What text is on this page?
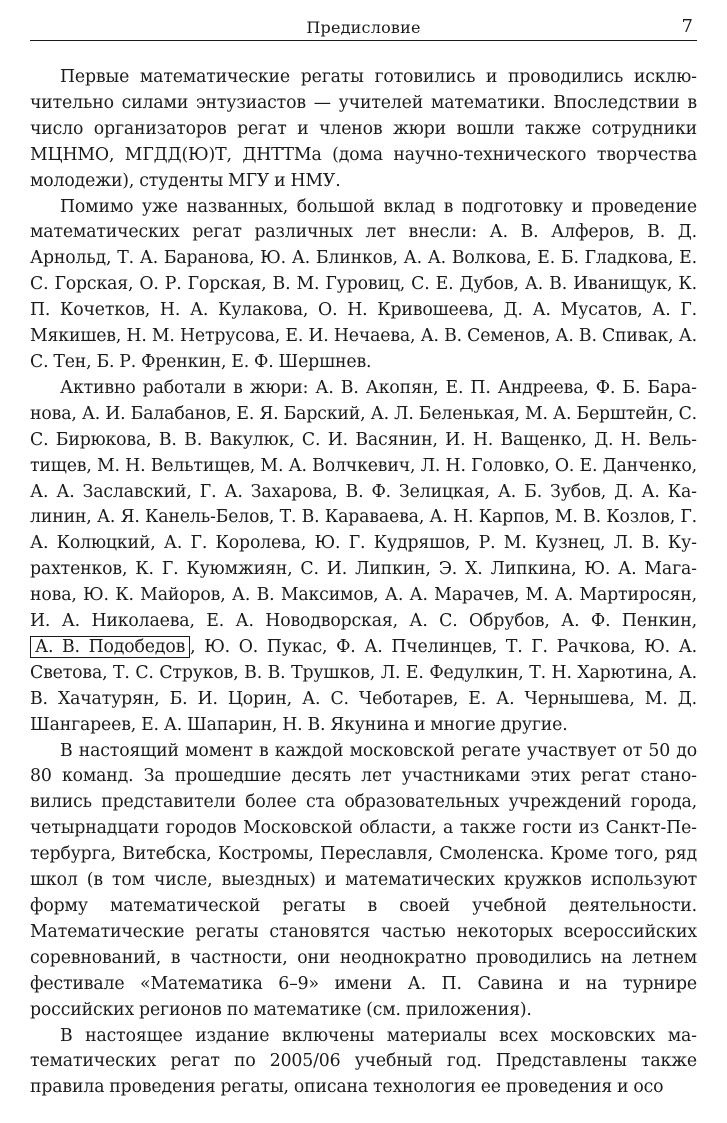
Предисловие	7

Первые математические регаты готовились и проводились исключительно силами энтузиастов — учителей математики. Впоследствии в число организаторов регат и членов жюри вошли также сотрудники МЦНМО, МГДД(Ю)Т, ДНТТМа (дома научно-технического творчества молодежи), студенты МГУ и НМУ.

Помимо уже названных, большой вклад в подготовку и проведение математических регат различных лет внесли: А. В. Алферов, В. Д. Арнольд, Т. А. Баранова, Ю. А. Блинков, А. А. Волкова, Е. Б. Гладкова, Е. С. Горская, О. Р. Горская, В. М. Гуровиц, С. Е. Дубов, А. В. Иванищук, К. П. Кочетков, Н. А. Кулакова, О. Н. Кривошеева, Д. А. Мусатов, А. Г. Мякишев, Н. М. Нетрусова, Е. И. Нечаева, А. В. Семенов, А. В. Спивак, А. С. Тен, Б. Р. Френкин, Е. Ф. Шершнев.

Активно работали в жюри: А. В. Акопян, Е. П. Андреева, Ф. Б. Баранова, А. И. Балабанов, Е. Я. Барский, А. Л. Беленькая, М. А. Берштейн, С. С. Бирюкова, В. В. Вакулюк, С. И. Васянин, И. Н. Ващенко, Д. Н. Вельтищев, М. Н. Вельтищев, М. А. Волчкевич, Л. Н. Головко, О. Е. Данченко, А. А. Заславский, Г. А. Захарова, В. Ф. Зелицкая, А. Б. Зубов, Д. А. Калинин, А. Я. Канель-Белов, Т. В. Караваева, А. Н. Карпов, М. В. Козлов, Г. А. Колюцкий, А. Г. Королева, Ю. Г. Кудряшов, Р. М. Кузнец, Л. В. Курахтенков, К. Г. Куюмжиян, С. И. Липкин, Э. Х. Липкина, Ю. А. Маганова, Ю. К. Майоров, А. В. Максимов, А. А. Марачев, М. А. Мартиросян, И. А. Николаева, Е. А. Новодворская, А. С. Обрубов, А. Ф. Пенкин, А. В. Подобедов , Ю. О. Пукас, Ф. А. Пчелинцев, Т. Г. Рачкова, Ю. А. Светова, Т. С. Струков, В. В. Трушков, Л. Е. Федулкин, Т. Н. Харютина, А. В. Хачатурян, Б. И. Цорин, А. С. Чеботарев, Е. А. Чернышева, М. Д. Шангареев, Е. А. Шапарин, Н. В. Якунина и многие другие.

В настоящий момент в каждой московской регате участвует от 50 до 80 команд. За прошедшие десять лет участниками этих регат становились представители более ста образовательных учреждений города, четырнадцати городов Московской области, а также гости из Санкт-Петербурга, Витебска, Костромы, Переславля, Смоленска. Кроме того, ряд школ (в том числе, выездных) и математических кружков используют форму математической регаты в своей учебной деятельности. Математические регаты становятся частью некоторых всероссийских соревнований, в частности, они неоднократно проводились на летнем фестивале «Математика 6–9» имени А. П. Савина и на турнире российских регионов по математике (см. приложения).

В настоящее издание включены материалы всех московских математических регат по 2005/06 учебный год. Представлены также правила проведения регаты, описана технология ее проведения и осо
